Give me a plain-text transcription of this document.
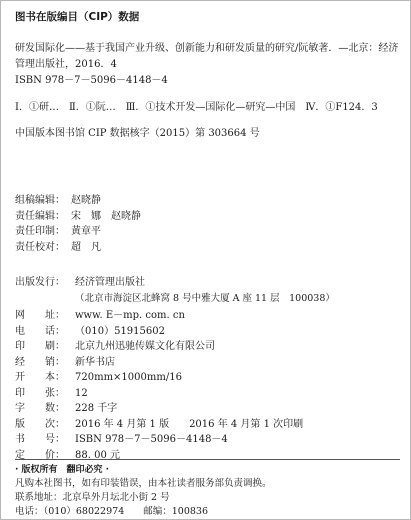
图书在版编目（CIP）数据
研发国际化——基于我国产业升级、创新能力和研发质量的研究/阮敏著．—北京：经济
管理出版社，2016．4
ISBN 978－7－5096－4148－4
Ⅰ．①研…　Ⅱ．①阮…　Ⅲ．①技术开发—国际化—研究—中国　Ⅳ．①F124．3
中国版本图书馆 CIP 数据核字（2015）第 303664 号
组稿编辑： 赵晓静
责任编辑： 宋　娜　赵晓静
责任印制： 黄章平
责任校对： 超　凡
出版发行： 经济管理出版社
（北京市海淀区北蜂窝 8 号中雅大厦 A 座 11 层　100038）
网　　址： www. E－mp. com. cn
电　　话： （010）51915602
印　　刷： 北京九州迅驰传媒文化有限公司
经　　销： 新华书店
开　　本： 720mm×1000mm/16
印　　张： 12
字　　数： 228 千字
版　　次： 2016 年 4 月第 1 版　　2016 年 4 月第 1 次印刷
书　　号： ISBN 978－7－5096－4148－4
定　　价： 88. 00 元
· 版权所有　翻印必究 ·
凡购本社图书，如有印装错误，由本社读者服务部负责调换。
联系地址：北京阜外月坛北小街 2 号
电话：（010）68022974　　邮编：100836
